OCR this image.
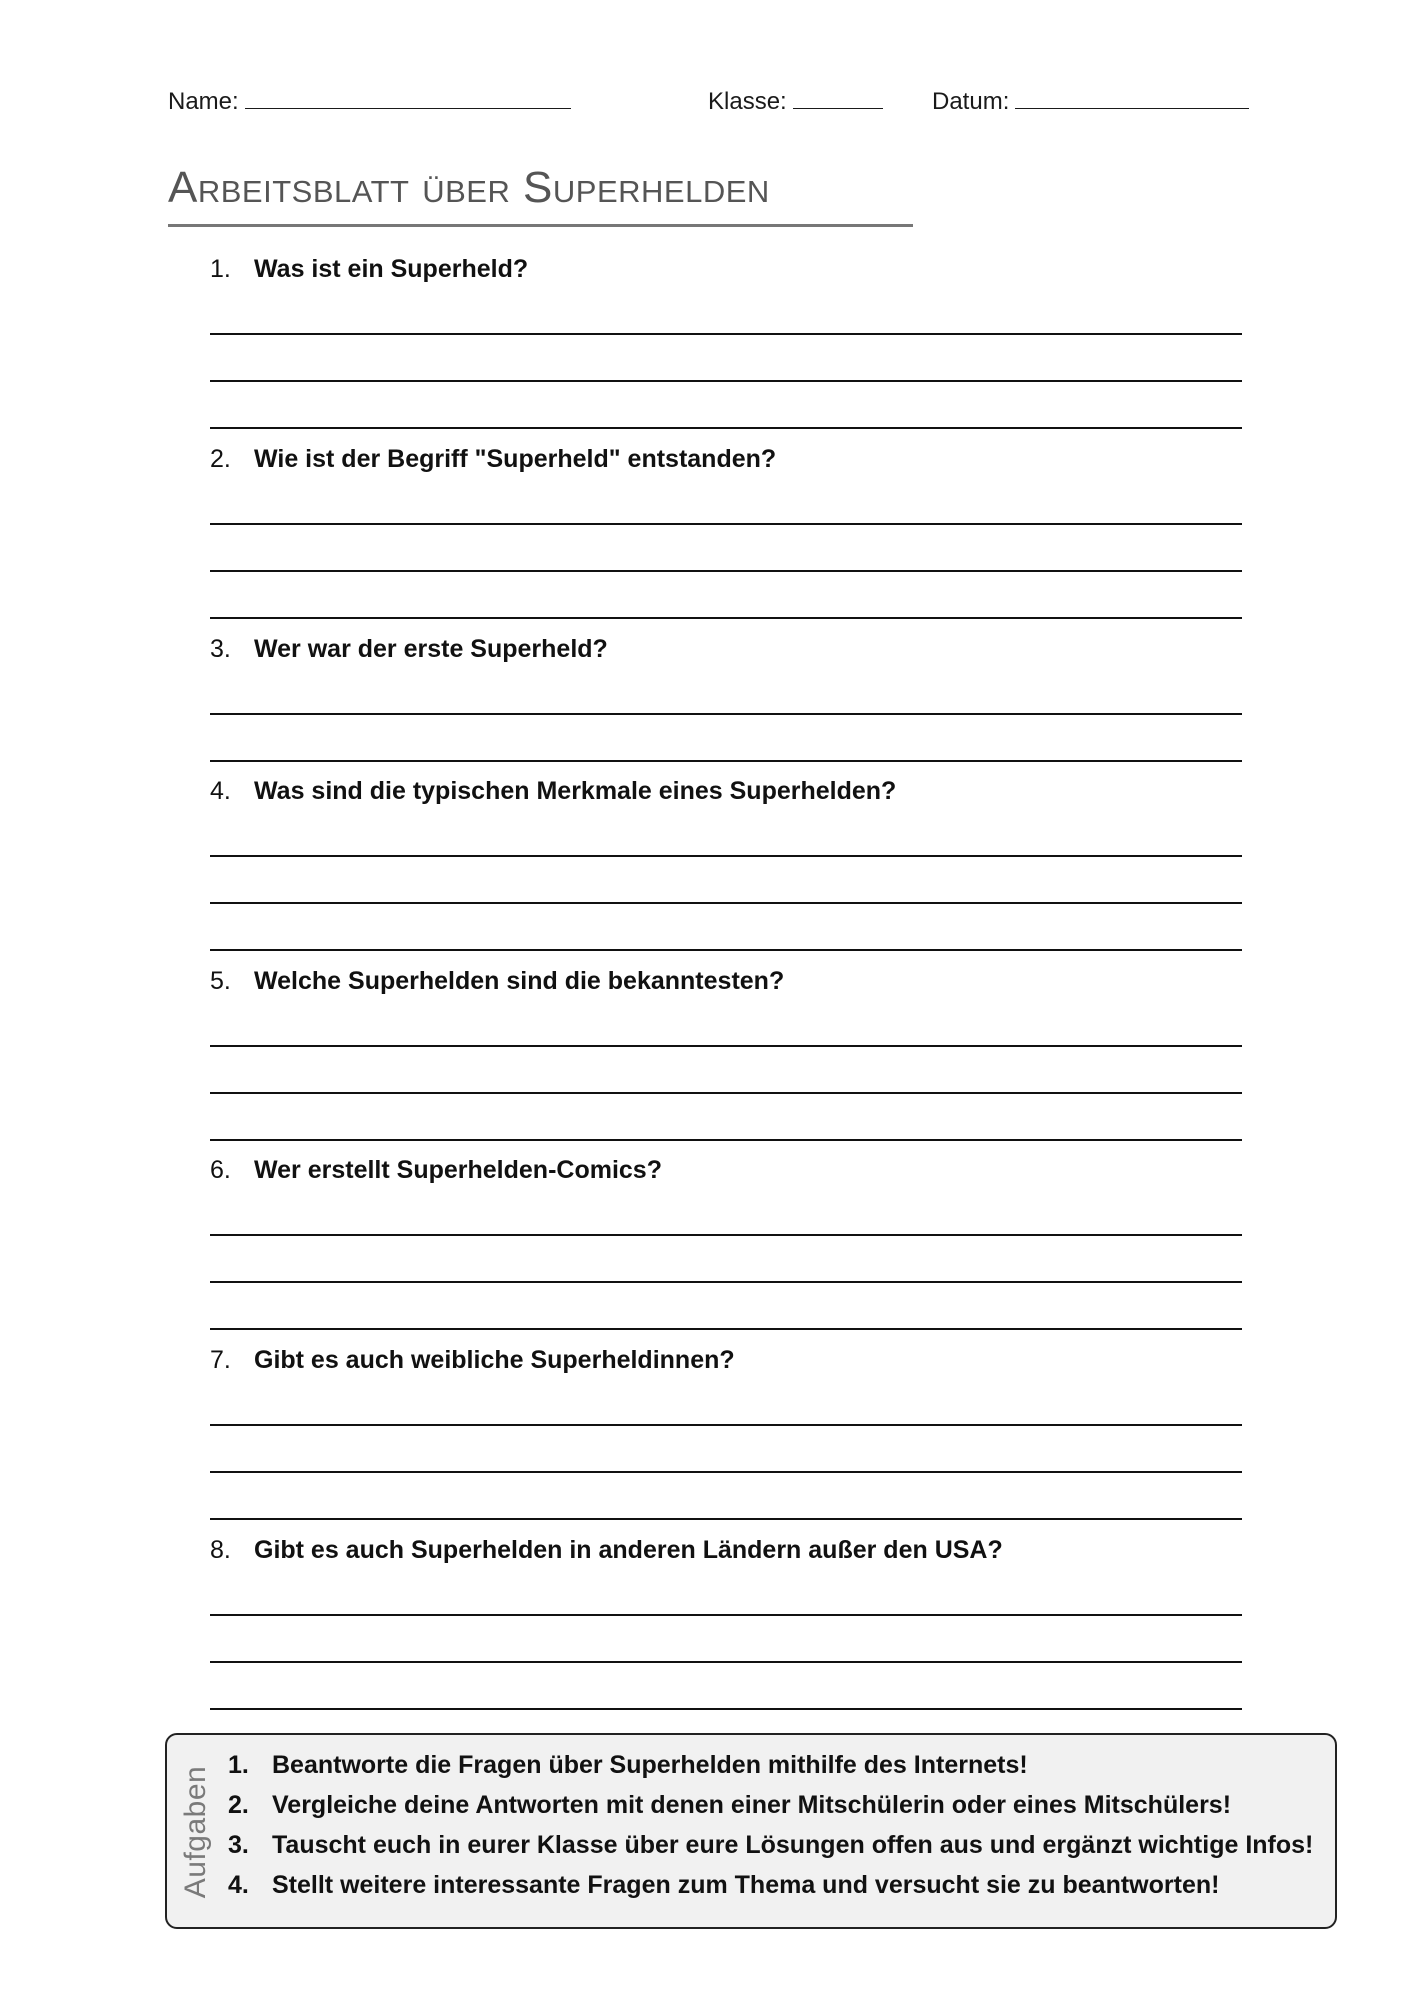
Name:	Klasse:	Datum:
Arbeitsblatt über Superhelden
1. Was ist ein Superheld?
2. Wie ist der Begriff "Superheld" entstanden?
3. Wer war der erste Superheld?
4. Was sind die typischen Merkmale eines Superhelden?
5. Welche Superhelden sind die bekanntesten?
6. Wer erstellt Superhelden-Comics?
7. Gibt es auch weibliche Superheldinnen?
8. Gibt es auch Superhelden in anderen Ländern außer den USA?
Aufgaben
1. Beantworte die Fragen über Superhelden mithilfe des Internets!
2. Vergleiche deine Antworten mit denen einer Mitschülerin oder eines Mitschülers!
3. Tauscht euch in eurer Klasse über eure Lösungen offen aus und ergänzt wichtige Infos!
4. Stellt weitere interessante Fragen zum Thema und versucht sie zu beantworten!
